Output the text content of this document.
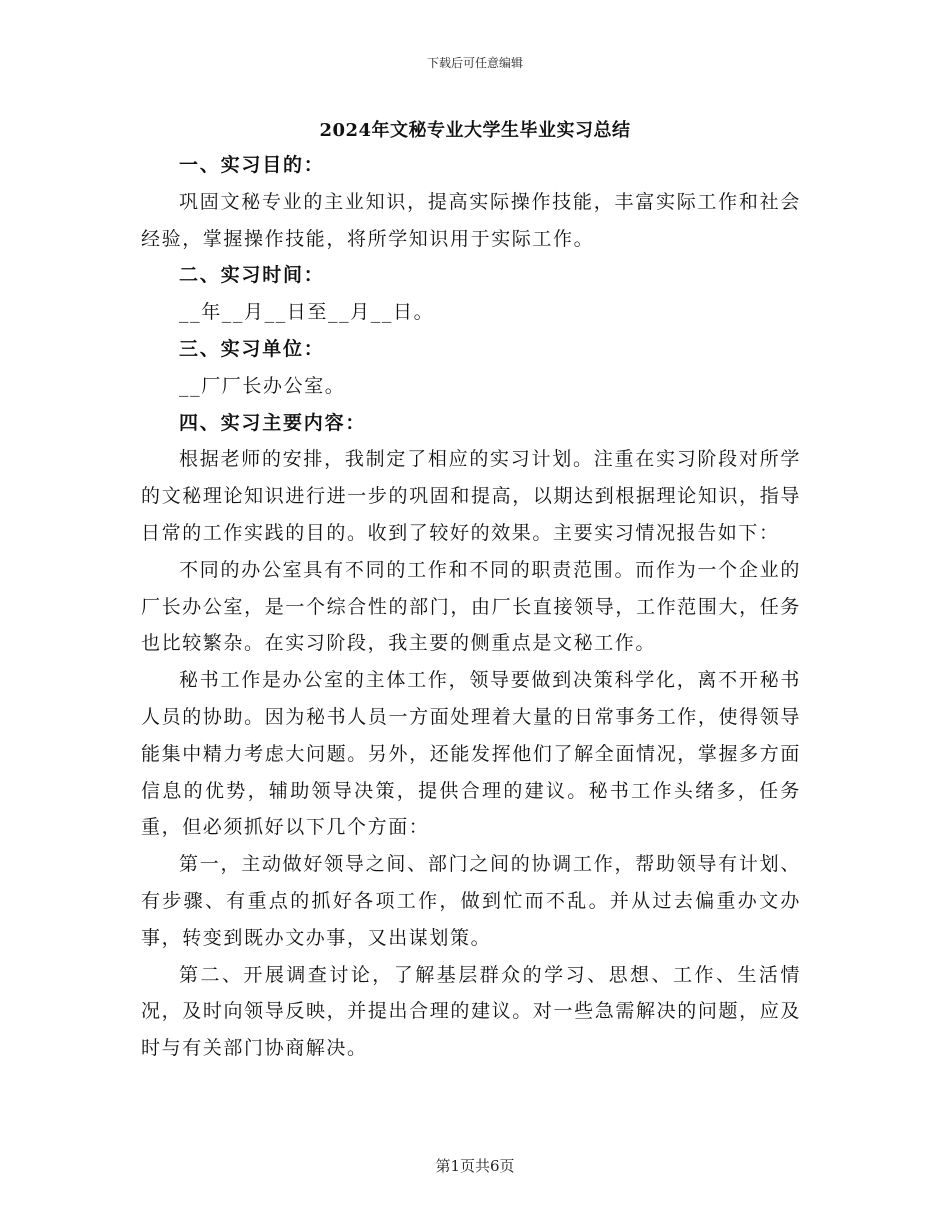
下载后可任意编辑
2024年文秘专业大学生毕业实习总结

一、实习目的：

巩固文秘专业的主业知识，提高实际操作技能，丰富实际工作和社会经验，掌握操作技能，将所学知识用于实际工作。

二、实习时间：

__年__月__日至__月__日。

三、实习单位：

__厂厂长办公室。

四、实习主要内容：

根据老师的安排，我制定了相应的实习计划。注重在实习阶段对所学的文秘理论知识进行进一步的巩固和提高，以期达到根据理论知识，指导日常的工作实践的目的。收到了较好的效果。主要实习情况报告如下：

不同的办公室具有不同的工作和不同的职责范围。而作为一个企业的厂长办公室，是一个综合性的部门，由厂长直接领导，工作范围大，任务也比较繁杂。在实习阶段，我主要的侧重点是文秘工作。

秘书工作是办公室的主体工作，领导要做到决策科学化，离不开秘书人员的协助。因为秘书人员一方面处理着大量的日常事务工作，使得领导能集中精力考虑大问题。另外，还能发挥他们了解全面情况，掌握多方面信息的优势，辅助领导决策，提供合理的建议。秘书工作头绪多，任务重，但必须抓好以下几个方面：

第一，主动做好领导之间、部门之间的协调工作，帮助领导有计划、有步骤、有重点的抓好各项工作，做到忙而不乱。并从过去偏重办文办事，转变到既办文办事，又出谋划策。

第二、开展调查讨论，了解基层群众的学习、思想、工作、生活情况，及时向领导反映，并提出合理的建议。对一些急需解决的问题，应及时与有关部门协商解决。

第1页共6页
